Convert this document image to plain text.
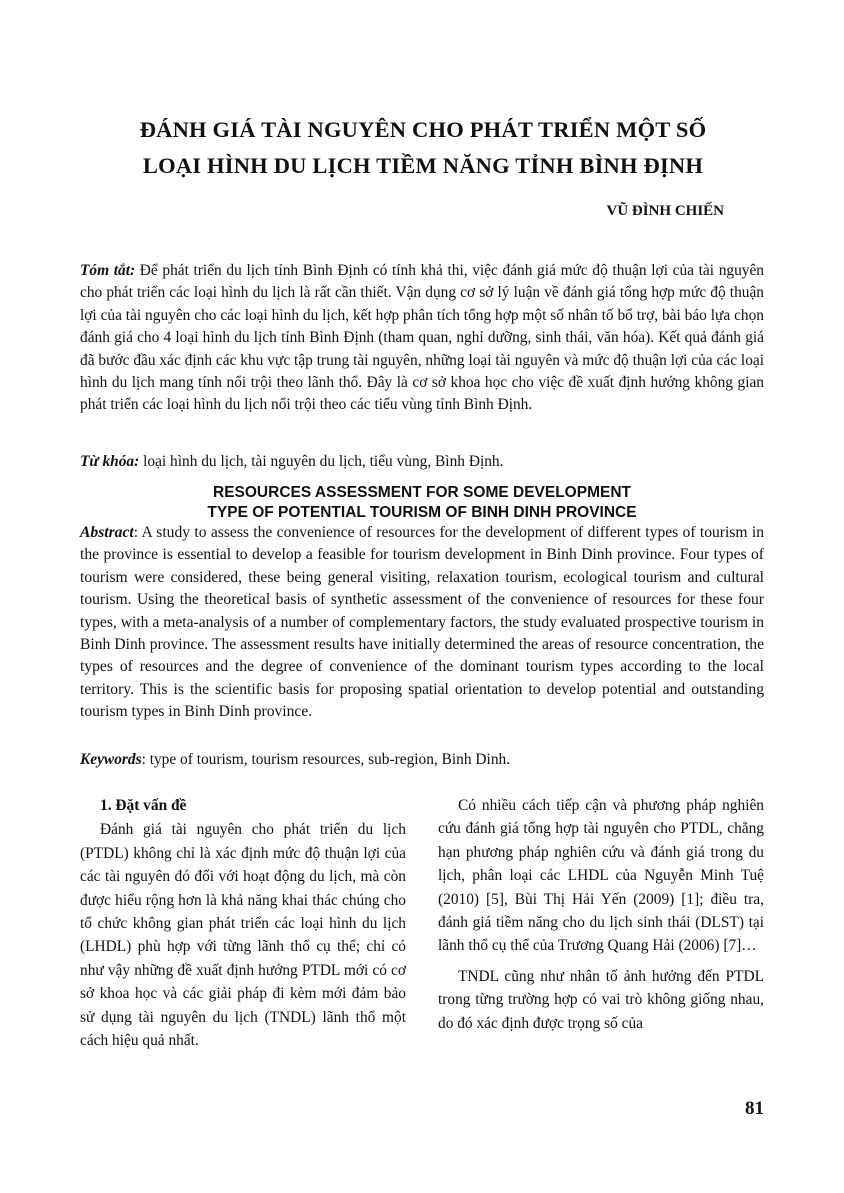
ĐÁNH GIÁ TÀI NGUYÊN CHO PHÁT TRIỂN MỘT SỐ
LOẠI HÌNH DU LỊCH TIỀM NĂNG TỈNH BÌNH ĐỊNH
VŨ ĐÌNH CHIẾN

Tóm tắt: Để phát triển du lịch tỉnh Bình Định có tính khả thi, việc đánh giá mức độ thuận lợi của tài nguyên cho phát triển các loại hình du lịch là rất cần thiết. Vận dụng cơ sở lý luận về đánh giá tổng hợp mức độ thuận lợi của tài nguyên cho các loại hình du lịch, kết hợp phân tích tổng hợp một số nhân tố bổ trợ, bài báo lựa chọn đánh giá cho 4 loại hình du lịch tỉnh Bình Định (tham quan, nghỉ dưỡng, sinh thái, văn hóa). Kết quả đánh giá đã bước đầu xác định các khu vực tập trung tài nguyên, những loại tài nguyên và mức độ thuận lợi của các loại hình du lịch mang tính nổi trội theo lãnh thổ. Đây là cơ sở khoa học cho việc đề xuất định hướng không gian phát triển các loại hình du lịch nổi trội theo các tiểu vùng tỉnh Bình Định.

Từ khóa: loại hình du lịch, tài nguyên du lịch, tiểu vùng, Bình Định.

RESOURCES ASSESSMENT FOR SOME DEVELOPMENT
TYPE OF POTENTIAL TOURISM OF BINH DINH PROVINCE

Abstract: A study to assess the convenience of resources for the development of different types of tourism in the province is essential to develop a feasible for tourism development in Binh Dinh province. Four types of tourism were considered, these being general visiting, relaxation tourism, ecological tourism and cultural tourism. Using the theoretical basis of synthetic assessment of the convenience of resources for these four types, with a meta-analysis of a number of complementary factors, the study evaluated prospective tourism in Binh Dinh province. The assessment results have initially determined the areas of resource concentration, the types of resources and the degree of convenience of the dominant tourism types according to the local territory. This is the scientific basis for proposing spatial orientation to develop potential and outstanding tourism types in Binh Dinh province.

Keywords: type of tourism, tourism resources, sub-region, Binh Dinh.

1. Đặt vấn đề

Đánh giá tài nguyên cho phát triển du lịch (PTDL) không chỉ là xác định mức độ thuận lợi của các tài nguyên đó đối với hoạt động du lịch, mà còn được hiểu rộng hơn là khả năng khai thác chúng cho tổ chức không gian phát triển các loại hình du lịch (LHDL) phù hợp với từng lãnh thổ cụ thể; chỉ có như vậy những đề xuất định hướng PTDL mới có cơ sở khoa học và các giải pháp đi kèm mới đảm bảo sử dụng tài nguyên du lịch (TNDL) lãnh thổ một cách hiệu quả nhất.

Có nhiều cách tiếp cận và phương pháp nghiên cứu đánh giá tổng hợp tài nguyên cho PTDL, chẳng hạn phương pháp nghiên cứu và đánh giá trong du lịch, phân loại các LHDL của Nguyễn Minh Tuệ (2010) [5], Bùi Thị Hải Yến (2009) [1]; điều tra, đánh giá tiềm năng cho du lịch sinh thái (DLST) tại lãnh thổ cụ thể của Trương Quang Hải (2006) [7]…

TNDL cũng như nhân tố ảnh hưởng đến PTDL trong từng trường hợp có vai trò không giống nhau, do đó xác định được trọng số của

81
